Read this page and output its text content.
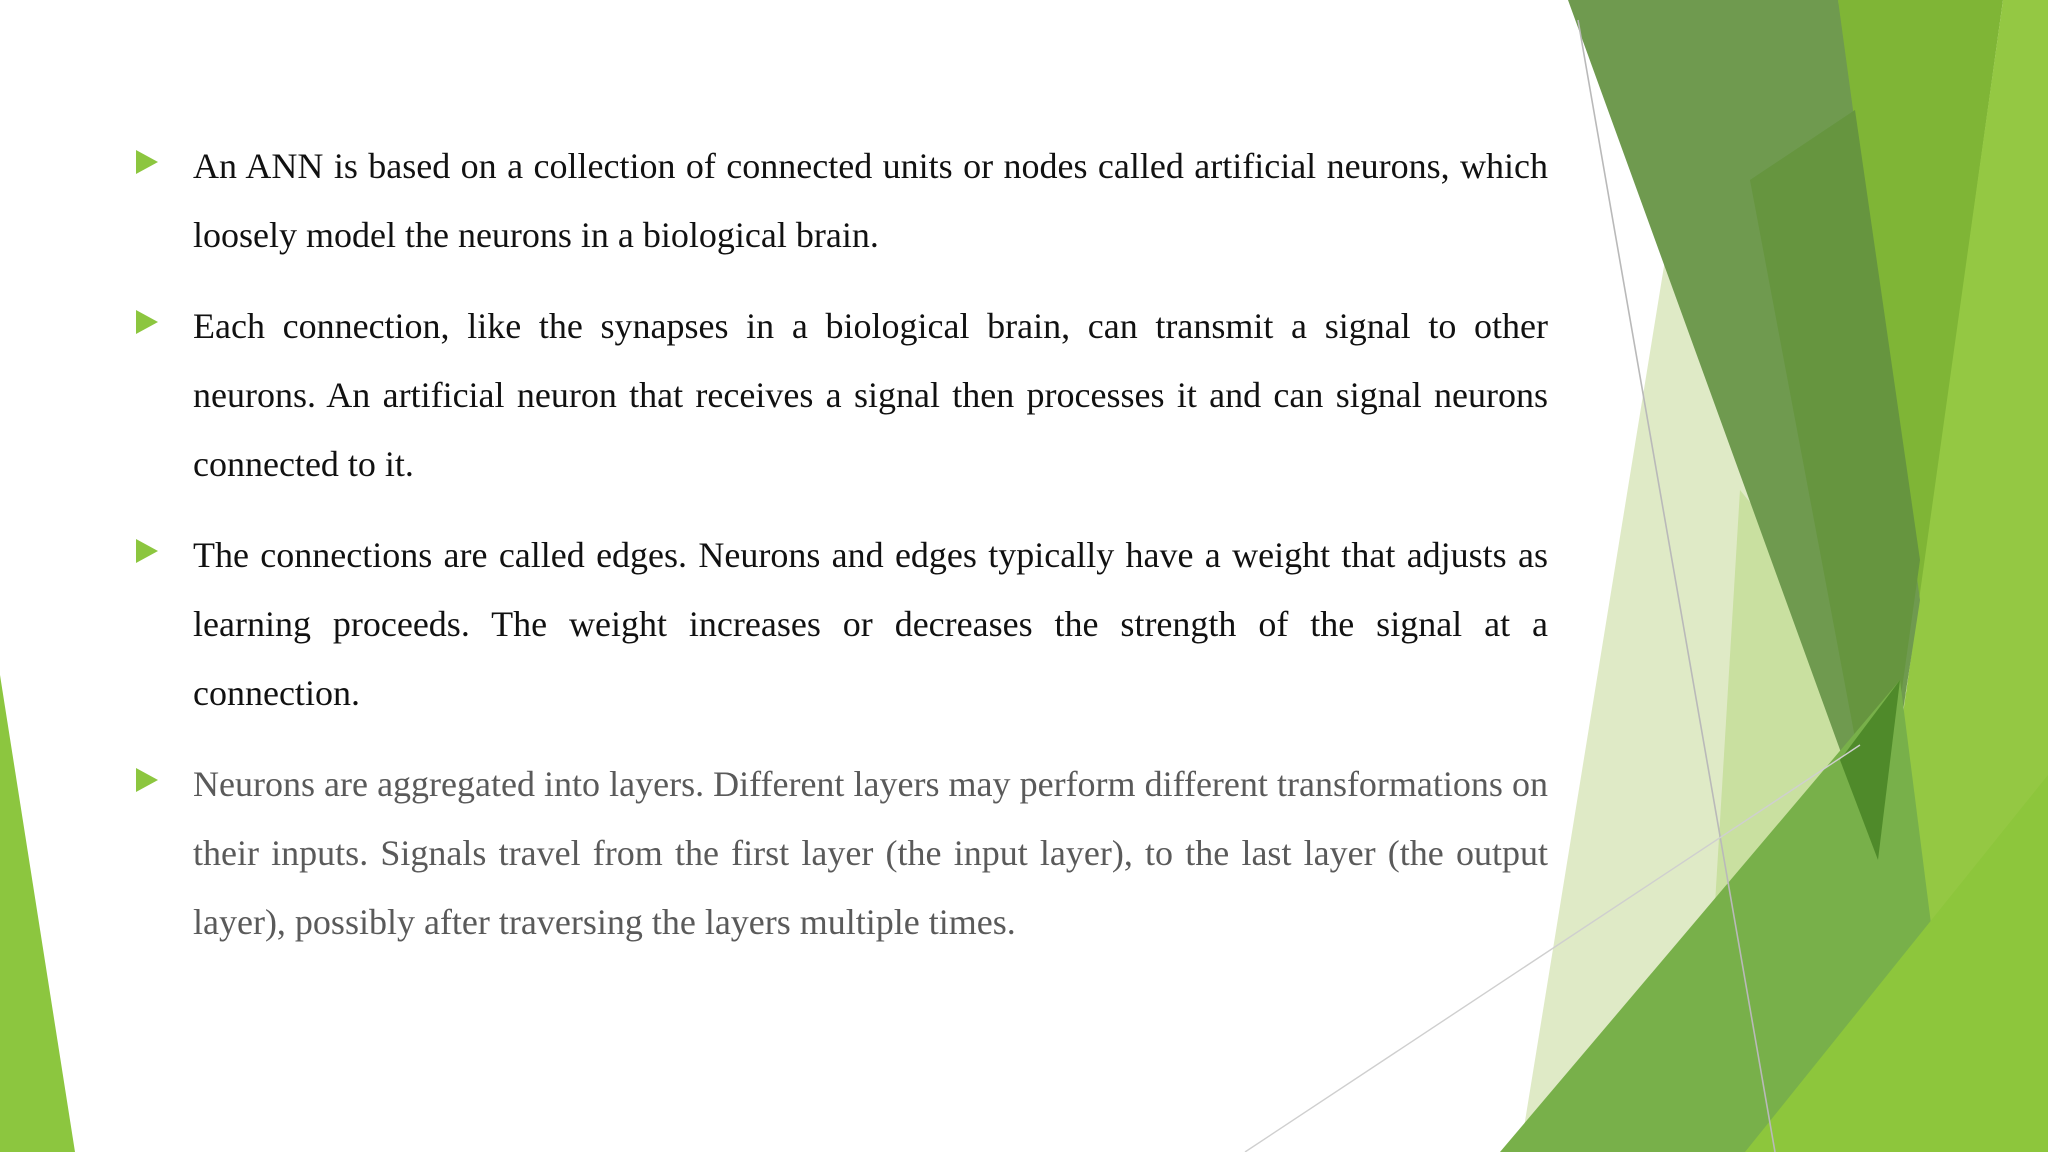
An ANN is based on a collection of connected units or nodes called artificial neurons, which loosely model the neurons in a biological brain.
Each connection, like the synapses in a biological brain, can transmit a signal to other neurons. An artificial neuron that receives a signal then processes it and can signal neurons connected to it.
The connections are called edges. Neurons and edges typically have a weight that adjusts as learning proceeds. The weight increases or decreases the strength of the signal at a connection.
Neurons are aggregated into layers. Different layers may perform different transformations on their inputs. Signals travel from the first layer (the input layer), to the last layer (the output layer), possibly after traversing the layers multiple times.
